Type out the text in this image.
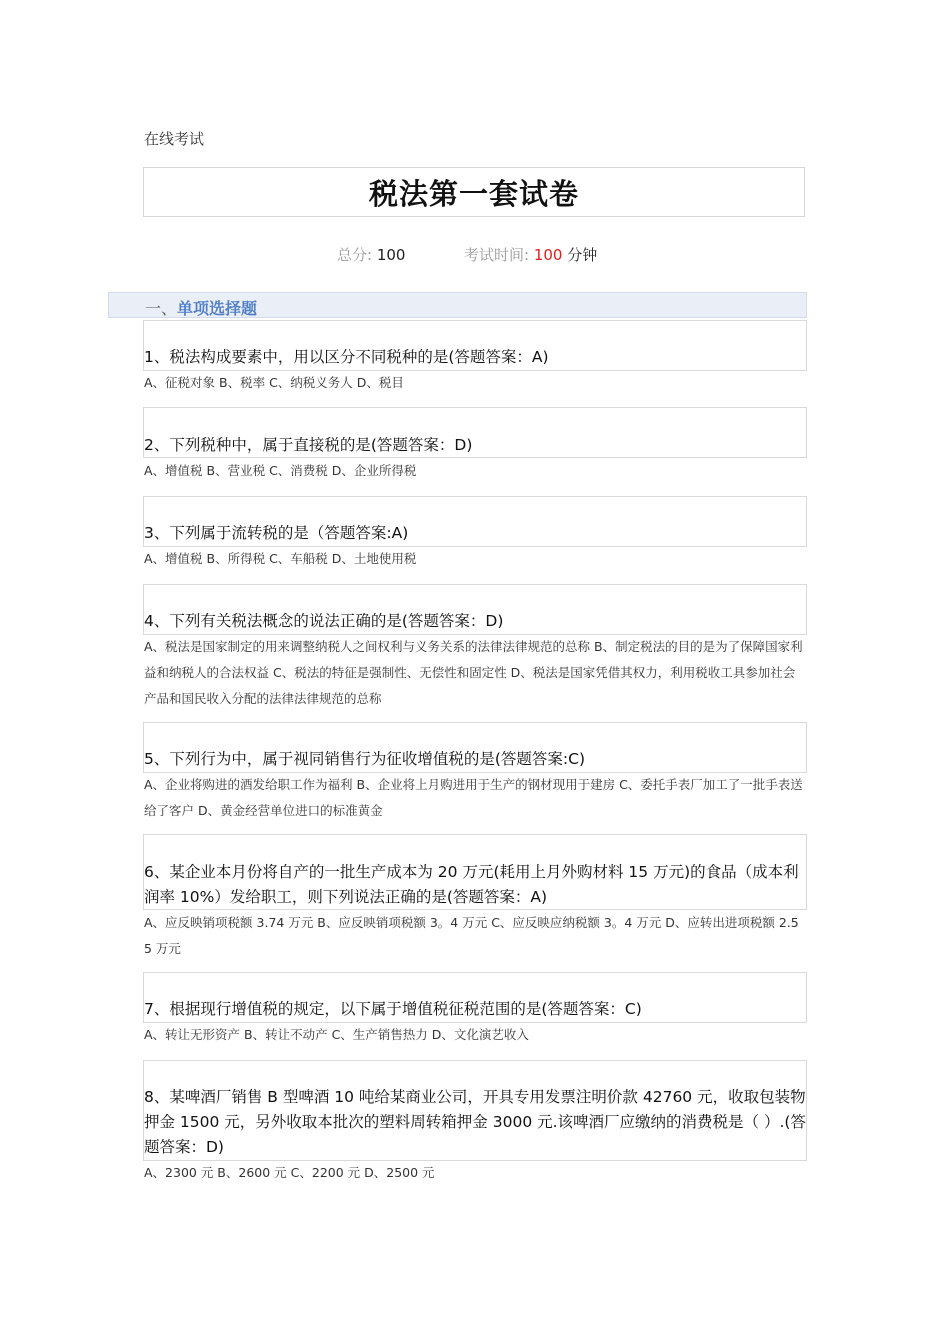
在线考试
税法第一套试卷
总分: 100	考试时间: 100 分钟
一、单项选择题
1、税法构成要素中，用以区分不同税种的是(答题答案：A)
A、征税对象 B、税率 C、纳税义务人 D、税目
2、下列税种中，属于直接税的是(答题答案：D)
A、增值税 B、营业税 C、消费税 D、企业所得税
3、下列属于流转税的是（答题答案:A)
A、增值税 B、所得税 C、车船税 D、土地使用税
4、下列有关税法概念的说法正确的是(答题答案：D)
A、税法是国家制定的用来调整纳税人之间权利与义务关系的法律法律规范的总称 B、制定税法的目的是为了保障国家利益和纳税人的合法权益 C、税法的特征是强制性、无偿性和固定性 D、税法是国家凭借其权力，利用税收工具参加社会产品和国民收入分配的法律法律规范的总称
5、下列行为中，属于视同销售行为征收增值税的是(答题答案:C)
A、企业将购进的酒发给职工作为福利 B、企业将上月购进用于生产的钢材现用于建房 C、委托手表厂加工了一批手表送给了客户 D、黄金经营单位进口的标准黄金
6、某企业本月份将自产的一批生产成本为 20 万元(耗用上月外购材料 15 万元)的食品（成本利润率 10%）发给职工，则下列说法正确的是(答题答案：A)
A、应反映销项税额 3.74 万元 B、应反映销项税额 3。4 万元 C、应反映应纳税额 3。4 万元 D、应转出进项税额 2.55 万元
7、根据现行增值税的规定，以下属于增值税征税范围的是(答题答案：C)
A、转让无形资产 B、转让不动产 C、生产销售热力 D、文化演艺收入
8、某啤酒厂销售 B 型啤酒 10 吨给某商业公司，开具专用发票注明价款 42760 元，收取包装物押金 1500 元，另外收取本批次的塑料周转箱押金 3000 元.该啤酒厂应缴纳的消费税是（ ）.(答题答案：D)
A、2300 元 B、2600 元 C、2200 元 D、2500 元
